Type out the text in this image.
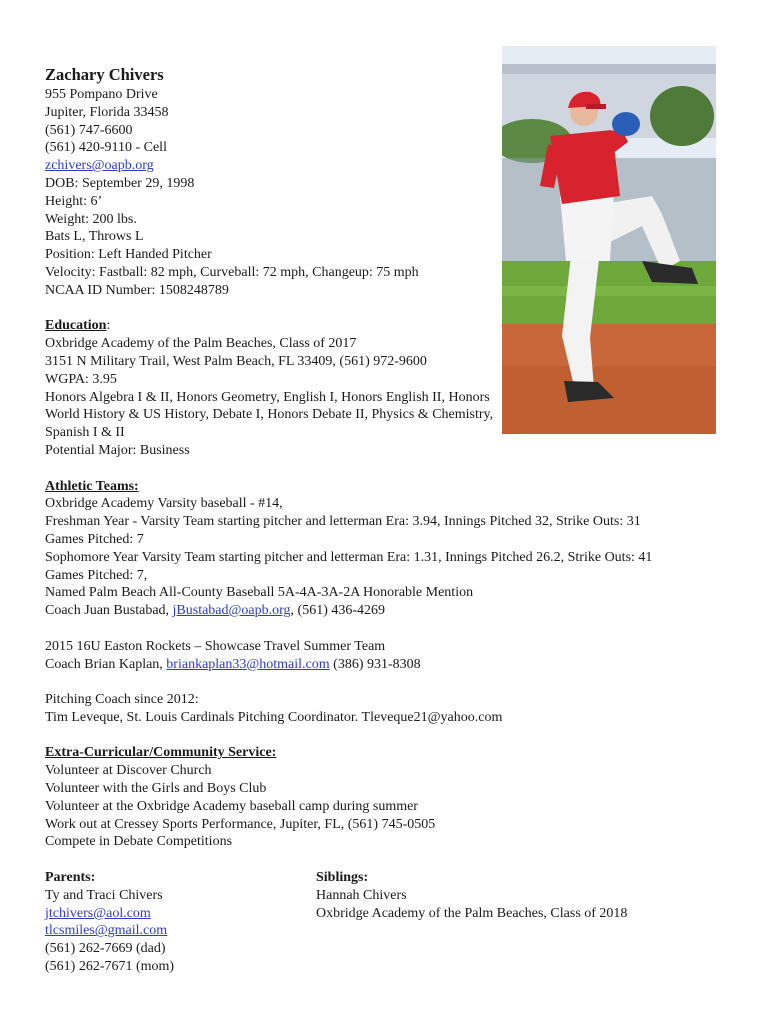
Zachary Chivers
955 Pompano Drive
Jupiter, Florida 33458
(561) 747-6600
(561) 420-9110 - Cell
zchivers@oapb.org
DOB: September 29, 1998
Height: 6’
Weight: 200 lbs.
Bats L, Throws L
Position: Left Handed Pitcher
Velocity: Fastball: 82 mph, Curveball: 72 mph, Changeup: 75 mph
NCAA ID Number: 1508248789
Education:
Oxbridge Academy of the Palm Beaches, Class of 2017
3151 N Military Trail, West Palm Beach, FL 33409, (561) 972-9600
WGPA: 3.95
Honors Algebra I & II, Honors Geometry, English I, Honors English II, Honors World History & US History, Debate I, Honors Debate II, Physics & Chemistry, Spanish I & II
Potential Major: Business
Athletic Teams:
Oxbridge Academy Varsity baseball - #14,
Freshman Year - Varsity Team starting pitcher and letterman Era: 3.94, Innings Pitched 32, Strike Outs: 31
Games Pitched: 7
Sophomore Year Varsity Team starting pitcher and letterman Era: 1.31, Innings Pitched 26.2, Strike Outs: 41
Games Pitched: 7,
Named Palm Beach All-County Baseball 5A-4A-3A-2A Honorable Mention
Coach Juan Bustabad, jBustabad@oapb.org, (561) 436-4269
2015 16U Easton Rockets – Showcase Travel Summer Team
Coach Brian Kaplan, briankaplan33@hotmail.com (386) 931-8308
Pitching Coach since 2012:
Tim Leveque, St. Louis Cardinals Pitching Coordinator. Tleveque21@yahoo.com
Extra-Curricular/Community Service:
Volunteer at Discover Church
Volunteer with the Girls and Boys Club
Volunteer at the Oxbridge Academy baseball camp during summer
Work out at Cressey Sports Performance, Jupiter, FL, (561) 745-0505
Compete in Debate Competitions
Parents:
Ty and Traci Chivers
jtchivers@aol.com
tlcsmiles@gmail.com
(561) 262-7669 (dad)
(561) 262-7671 (mom)
Siblings:
Hannah Chivers
Oxbridge Academy of the Palm Beaches, Class of 2018
